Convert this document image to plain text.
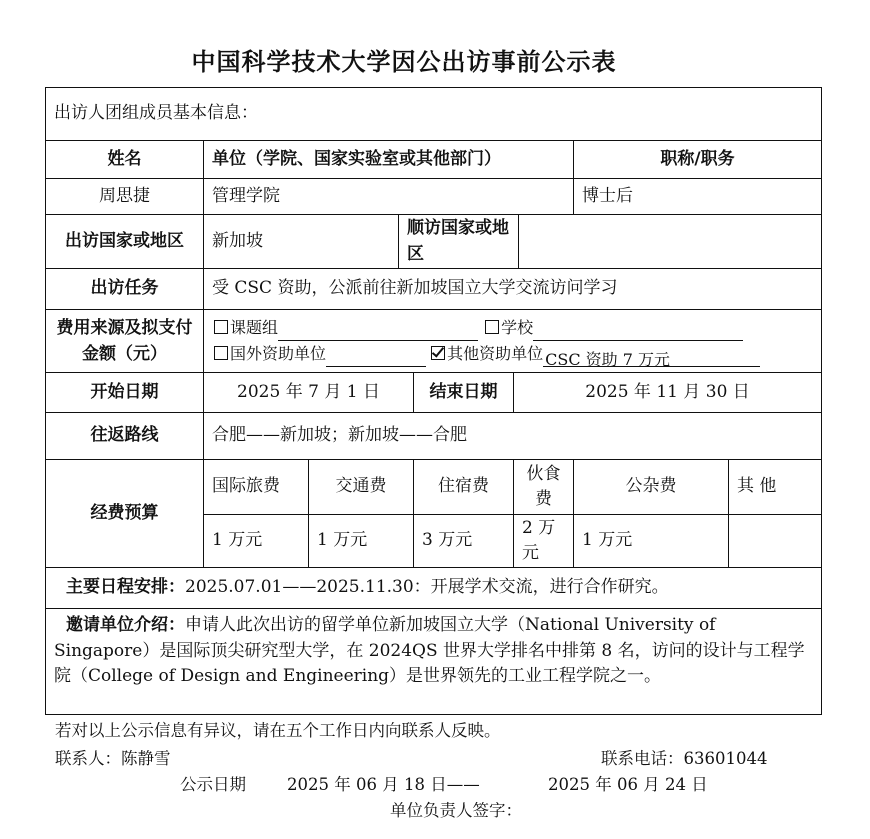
中国科学技术大学因公出访事前公示表
出访人团组成员基本信息：								
姓名	单位（学院、国家实验室或其他部门）						职称/职务	
周思捷	管理学院						博士后	
出访国家或地区	新加坡		顺访国家或地区					
出访任务	受 CSC 资助，公派前往新加坡国立大学交流访问学习							
费用来源及拟支付金额（元）	课题组 学校
国外资助单位 其他资助单位 CSC 资助 7 万元							

开始日期	2025 年 7 月 1 日			结束日期	2025 年 11 月 30 日			
往返路线	合肥——新加坡；新加坡——合肥							
经费预算	国际旅费	交通费		住宿费	伙食费		公杂费	其 他
	1 万元	1 万元		3 万元	2 万元		1 万元	
主要日程安排：2025.07.01——2025.11.30：开展学术交流，进行合作研究。								
邀请单位介绍：申请人此次出访的留学单位新加坡国立大学（National University of Singapore）是国际顶尖研究型大学，在 2024QS 世界大学排名中排第 8 名，访问的设计与工程学院（College of Design and Engineering）是世界领先的工业工程学院之一。								
若对以上公示信息有异议，请在五个工作日内向联系人反映。
联系人：陈静雪	联系电话：63601044
公示日期 2025 年 06 月 18 日——	2025 年 06 月 24 日
单位负责人签字：
